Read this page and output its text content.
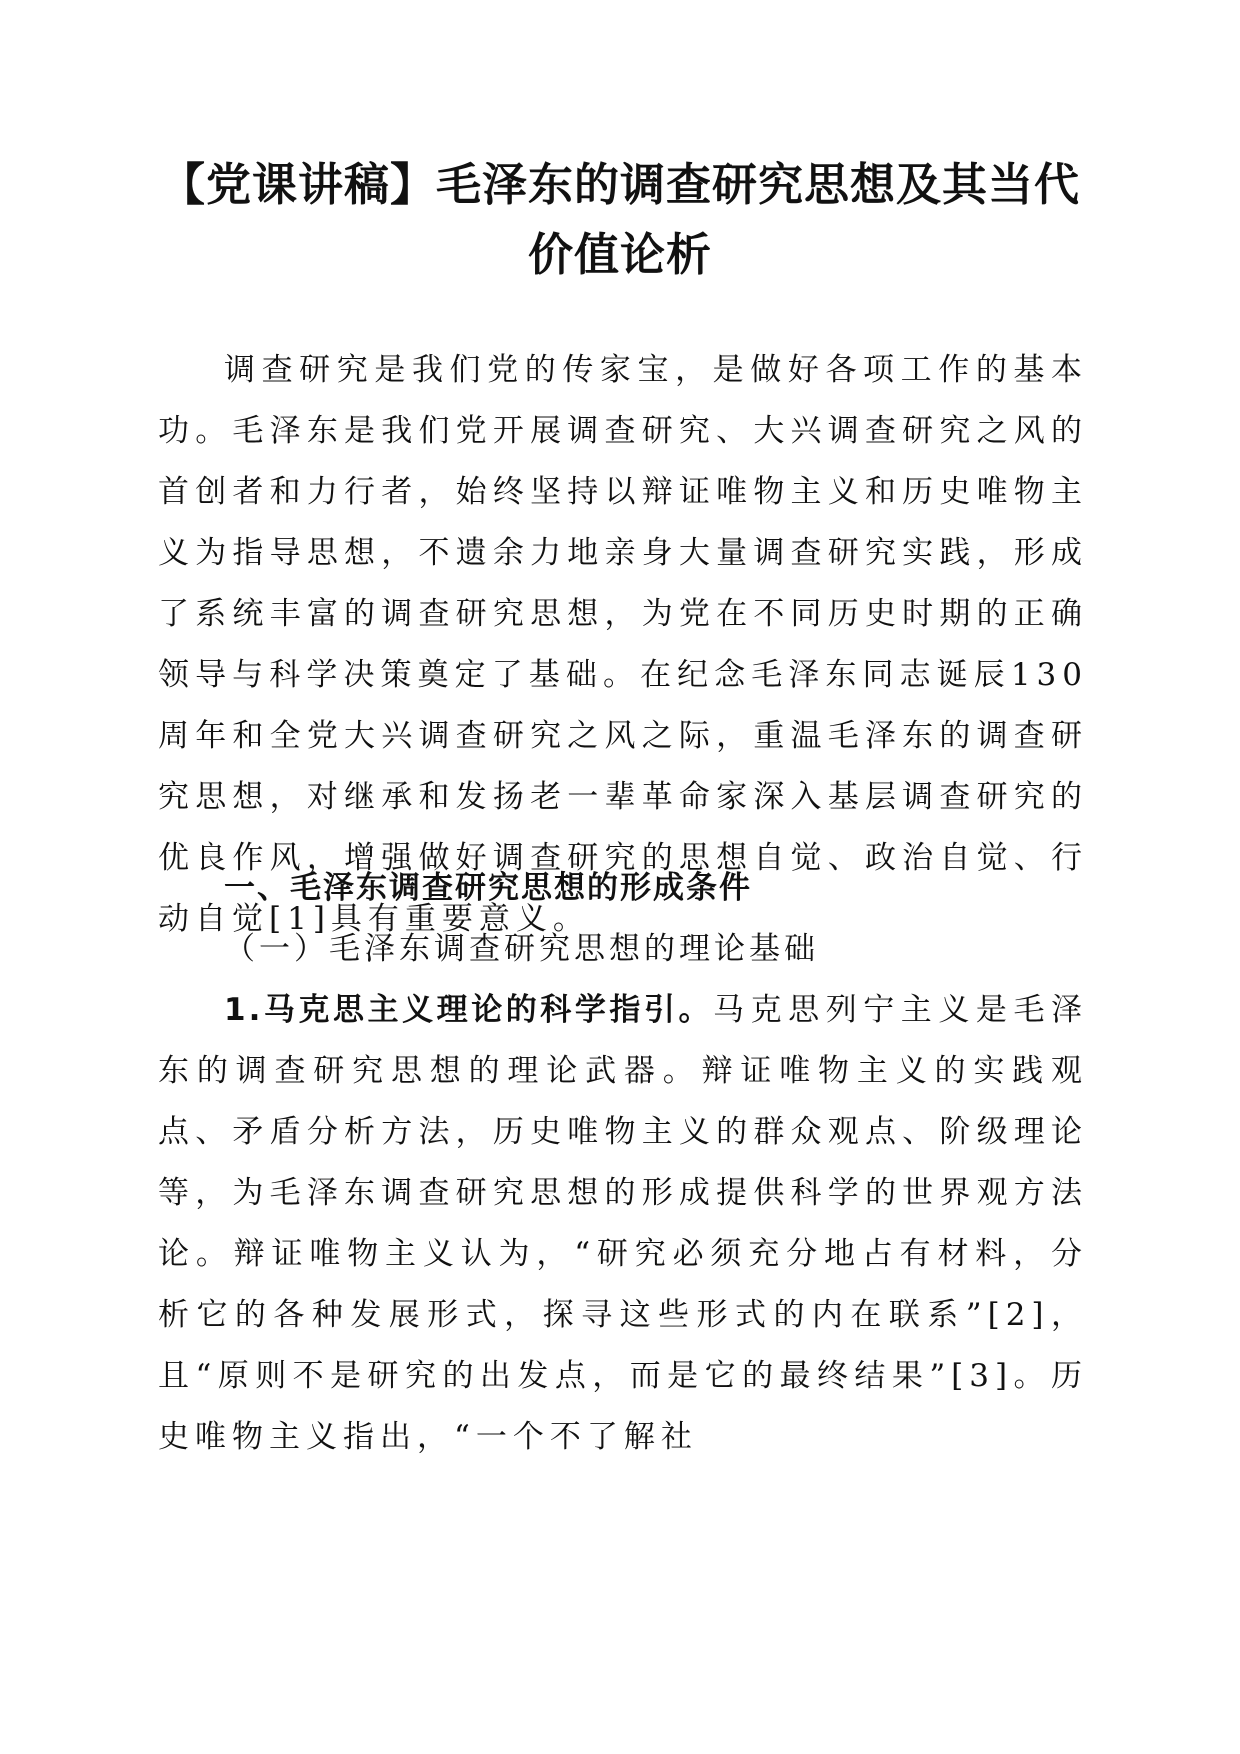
【党课讲稿】毛泽东的调查研究思想及其当代价值论析

调查研究是我们党的传家宝，是做好各项工作的基本功。毛泽东是我们党开展调查研究、大兴调查研究之风的首创者和力行者，始终坚持以辩证唯物主义和历史唯物主义为指导思想，不遗余力地亲身大量调查研究实践，形成了系统丰富的调查研究思想，为党在不同历史时期的正确领导与科学决策奠定了基础。在纪念毛泽东同志诞辰130周年和全党大兴调查研究之风之际，重温毛泽东的调查研究思想，对继承和发扬老一辈革命家深入基层调查研究的优良作风，增强做好调查研究的思想自觉、政治自觉、行动自觉[1]具有重要意义。

一、毛泽东调查研究思想的形成条件

（一）毛泽东调查研究思想的理论基础

1.马克思主义理论的科学指引。马克思列宁主义是毛泽东的调查研究思想的理论武器。辩证唯物主义的实践观点、矛盾分析方法，历史唯物主义的群众观点、阶级理论等，为毛泽东调查研究思想的形成提供科学的世界观方法论。辩证唯物主义认为，“研究必须充分地占有材料，分析它的各种发展形式，探寻这些形式的内在联系”[2]，且“原则不是研究的出发点，而是它的最终结果”[3]。历史唯物主义指出，“一个不了解社
